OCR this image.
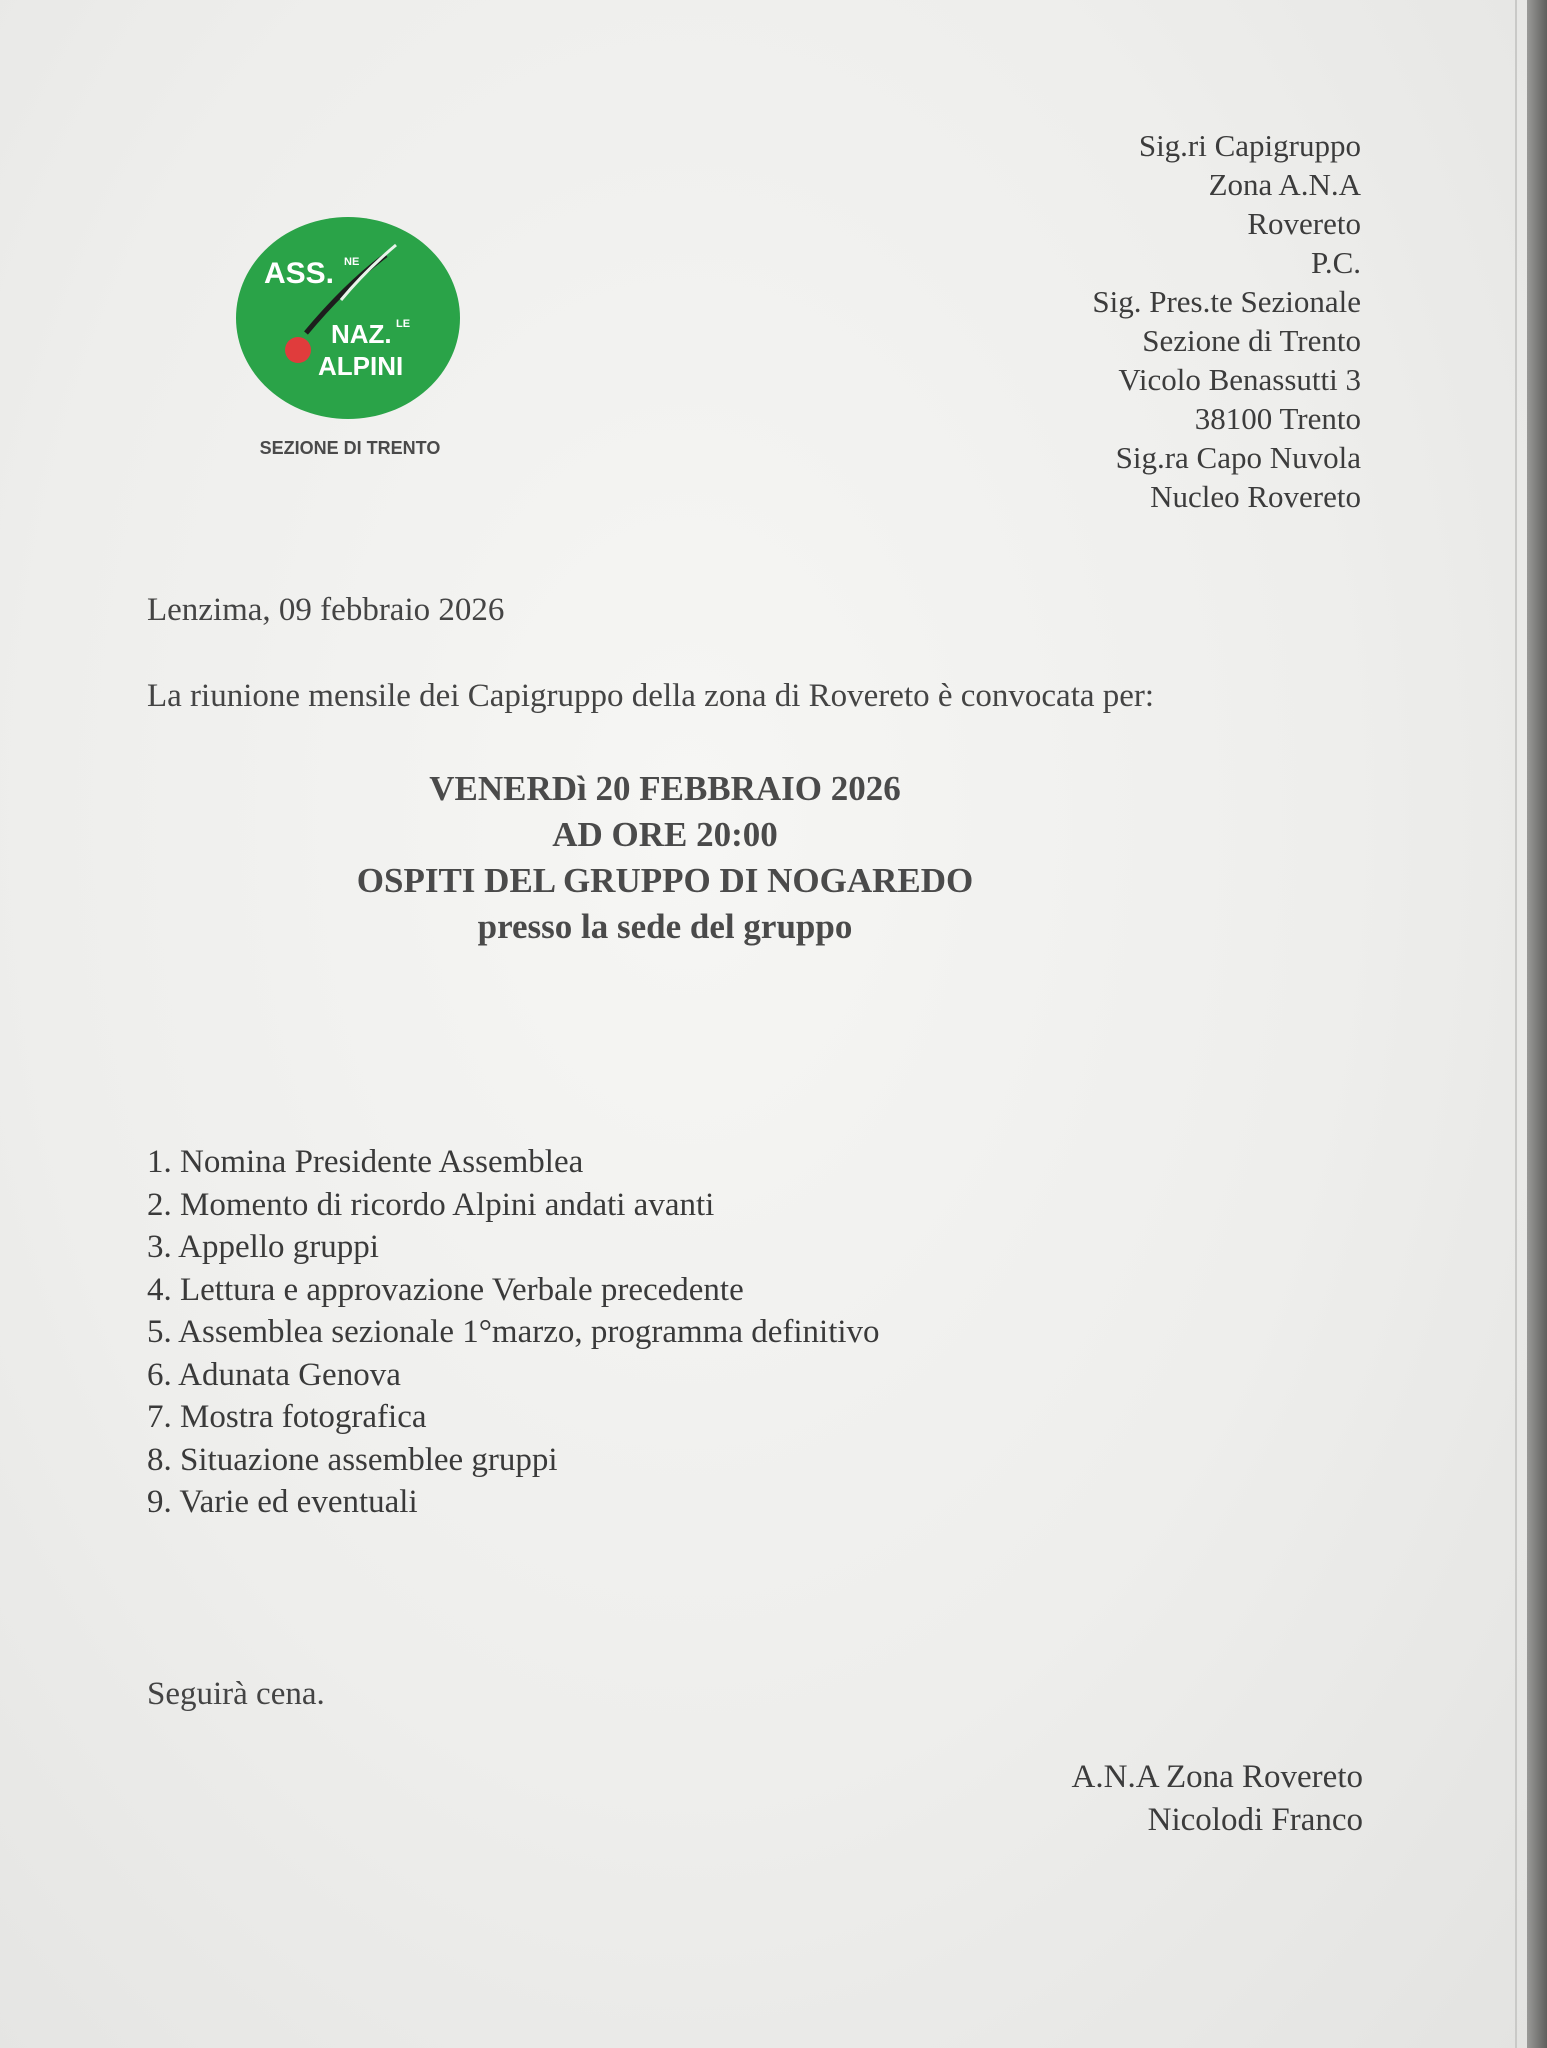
ASS. NE
NAZ. LE
ALPINI
SEZIONE DI TRENTO
Sig.ri Capigruppo
Zona A.N.A
Rovereto
P.C.
Sig. Pres.te Sezionale
Sezione di Trento
Vicolo Benassutti 3
38100 Trento
Sig.ra Capo Nuvola
Nucleo Rovereto
Lenzima, 09 febbraio 2026
La riunione mensile dei Capigruppo della zona di Rovereto è convocata per:
VENERDì 20 FEBBRAIO 2026
AD ORE 20:00
OSPITI DEL GRUPPO DI NOGAREDO
presso la sede del gruppo
1. Nomina Presidente Assemblea
2. Momento di ricordo Alpini andati avanti
3. Appello gruppi
4. Lettura e approvazione Verbale precedente
5. Assemblea sezionale 1°marzo, programma definitivo
6. Adunata Genova
7. Mostra fotografica
8. Situazione assemblee gruppi
9. Varie ed eventuali
Seguirà cena.
A.N.A Zona Rovereto
Nicolodi Franco
